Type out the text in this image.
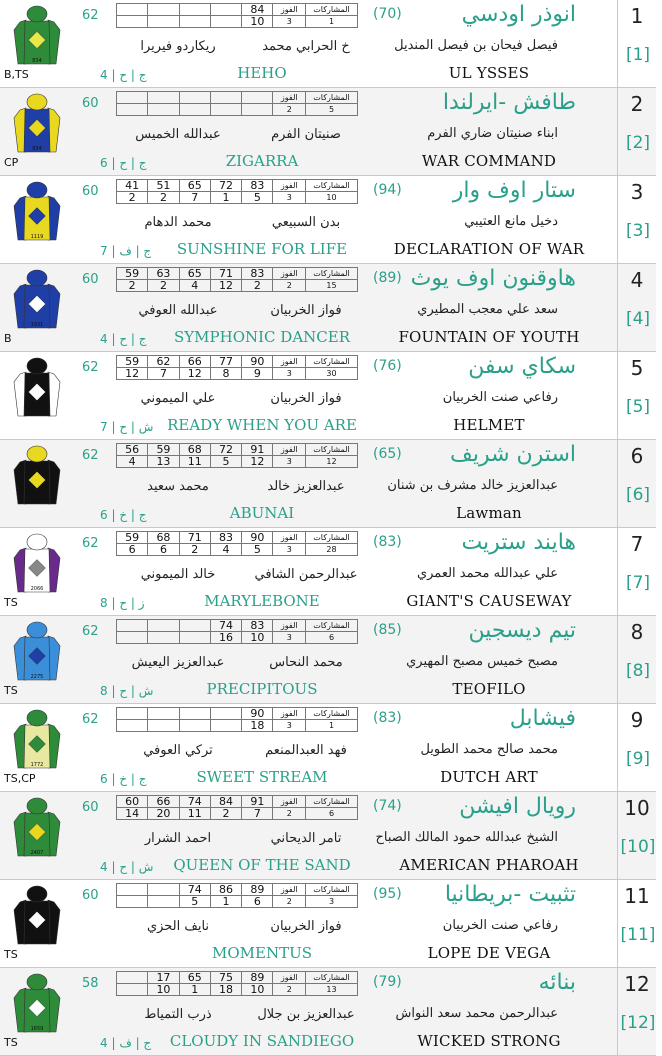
1
[1]
انوذر اودسي
(70)
فيصل فيحان بن فيصل المنديل
UL YSSES
HEHO
62
4 | ج | ح
B,TS
خ الحرابي محمد
ريكاردو فيريرا
				84	الفوز	المشاركات
				10	3	1
834
2
[2]
طافش -ايرلندا
ابناء صنيتان ضاري الفرم
WAR COMMAND
ZIGARRA
60
6 | ج | ح
CP
صنيتان الفرم
عبدالله الخميس
					الفوز	المشاركات
					2	5
834
3
[3]
ستار اوف وار
(94)
دخيل مانع العتيبي
DECLARATION OF WAR
SUNSHINE FOR LIFE
60
7 | ج | ف
بدن السبيعي
محمد الدهام
41	51	65	72	83	الفوز	المشاركات
2	2	7	1	5	3	10
1119
4
[4]
هاوقنون اوف يوث
(89)
سعد علي معجب المطيري
FOUNTAIN OF YOUTH
SYMPHONIC DANCER
60
4 | ج | ح
B
فواز الخربيان
عبدالله العوفي
59	63	65	71	83	الفوز	المشاركات
2	2	4	12	2	2	15
1931
5
[5]
سكاي سفن
(76)
رفاعي صنت الخربيان
HELMET
READY WHEN YOU ARE
62
7 | ش | ح
فواز الخربيان
علي الميموني
59	62	66	77	90	الفوز	المشاركات
12	7	12	8	9	3	30
1044
6
[6]
استرن شريف
(65)
عبدالعزيز خالد مشرف بن شنان
Lawman
ABUNAI
62
6 | ج | خ
عبدالعزيز خالد
محمد سعيد
56	59	68	72	91	الفوز	المشاركات
4	13	11	5	12	3	12
888
7
[7]
هايند ستريت
(83)
علي عبدالله محمد العمري
GIANT'S CAUSEWAY
MARYLEBONE
62
8 | ز | ح
TS
عبدالرحمن الشافي
خالد الميموني
59	68	71	83	90	الفوز	المشاركات
6	6	2	4	5	3	28
2066
8
[8]
تيم ديسجين
(85)
مصبح خميس مصبح المهيري
TEOFILO
PRECIPITOUS
62
8 | ش | ح
TS
محمد النحاس
عبدالعزيز اليعيش
			74	83	الفوز	المشاركات
			16	10	3	6
2275
9
[9]
فيشابل
(83)
محمد صالح محمد الطويل
DUTCH ART
SWEET STREAM
62
6 | ج | خ
TS,CP
فهد العبدالمنعم
تركي العوفي
				90	الفوز	المشاركات
				18	3	1
1772
10
[10]
رويال افيشن
(74)
الشيخ عبدالله حمود المالك الصباح
AMERICAN PHAROAH
QUEEN OF THE SAND
60
4 | ش | ح
تامر الديحاني
احمد الشرار
60	66	74	84	91	الفوز	المشاركات
14	20	11	2	7	2	6
2407
11
[11]
تثبيت -بريطانيا
(95)
رفاعي صنت الخربيان
LOPE DE VEGA
MOMENTUS
60
TS
فواز الخربيان
نايف الحزي
		74	86	89	الفوز	المشاركات
		5	1	6	2	3
1044
12
[12]
بنائه
(79)
عبدالرحمن محمد سعد النواش
WICKED STRONG
CLOUDY IN SANDIEGO
58
4 | ج | ف
TS
عبدالعزيز بن جلال
ذرب التمياط
	17	65	75	89	الفوز	المشاركات
	10	1	18	10	2	13
1659
